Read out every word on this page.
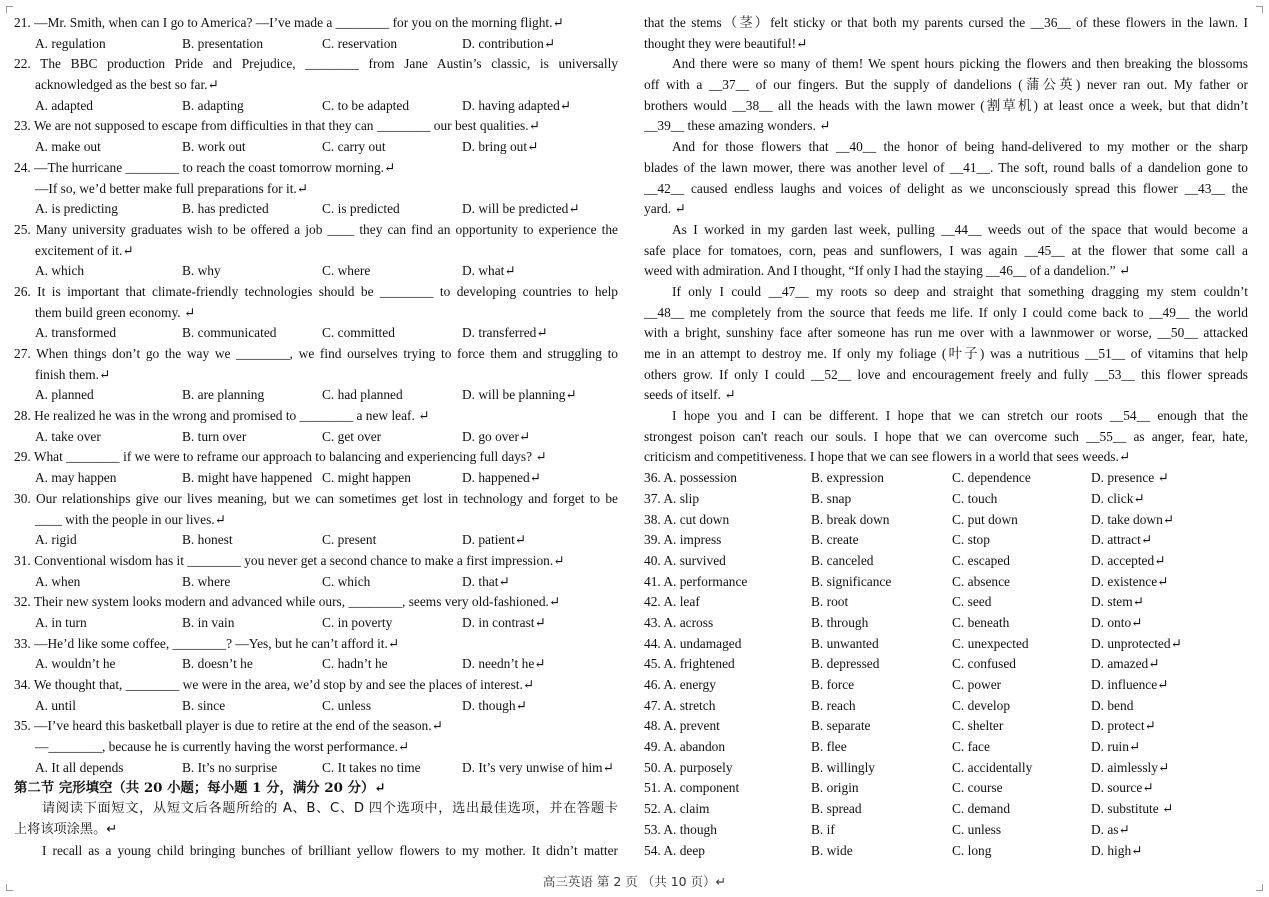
21. —Mr. Smith, when can I go to America? —I’ve made a ________ for you on the morning flight.↵
A. regulation	B. presentation	C. reservation	D. contribution↵
22. The BBC production Pride and Prejudice, ________ from Jane Austin’s classic, is universally
acknowledged as the best so far.↵
A. adapted	B. adapting	C. to be adapted	D. having adapted↵
23. We are not supposed to escape from difficulties in that they can ________ our best qualities.↵
A. make out	B. work out	C. carry out	D. bring out↵
24. —The hurricane ________ to reach the coast tomorrow morning.↵
—If so, we’d better make full preparations for it.↵
A. is predicting	B. has predicted	C. is predicted	D. will be predicted↵
25. Many university graduates wish to be offered a job ____ they can find an opportunity to experience the
excitement of it.↵
A. which	B. why	C. where	D. what↵
26. It is important that climate-friendly technologies should be ________ to developing countries to help
them build green economy. ↵
A. transformed	B. communicated	C. committed	D. transferred↵
27. When things don’t go the way we ________, we find ourselves trying to force them and struggling to
finish them.↵
A. planned	B. are planning	C. had planned	D. will be planning↵
28. He realized he was in the wrong and promised to ________ a new leaf. ↵
A. take over	B. turn over	C. get over	D. go over↵
29. What ________ if we were to reframe our approach to balancing and experiencing full days? ↵
A. may happen	B. might have happened C. might happen	D. happened↵
30. Our relationships give our lives meaning, but we can sometimes get lost in technology and forget to be
____ with the people in our lives.↵
A. rigid	B. honest	C. present	D. patient↵
31. Conventional wisdom has it ________ you never get a second chance to make a first impression.↵
A. when	B. where	C. which	D. that↵
32. Their new system looks modern and advanced while ours, ________, seems very old-fashioned.↵
A. in turn	B. in vain	C. in poverty	D. in contrast↵
33. —He’d like some coffee, ________? —Yes, but he can’t afford it.↵
A. wouldn’t he	B. doesn’t he	C. hadn’t he	D. needn’t he↵
34. We thought that, ________ we were in the area, we’d stop by and see the places of interest.↵
A. until	B. since	C. unless	D. though↵
35. —I’ve heard this basketball player is due to retire at the end of the season.↵
—________, because he is currently having the worst performance.↵
A. It all depends	B. It’s no surprise	C. It takes no time	D. It’s very unwise of him↵
第二节 完形填空（共 20 小题；每小题 1 分，满分 20 分）↵
请阅读下面短文，从短文后各题所给的 A、B、C、D 四个选项中，选出最佳选项，并在答题卡
上将该项涂黑。↵
I recall as a young child bringing bunches of brilliant yellow flowers to my mother. It didn’t matter
that the stems（茎）felt sticky or that both my parents cursed the __36__ of these flowers in the lawn. I
thought they were beautiful!↵
And there were so many of them! We spent hours picking the flowers and then breaking the blossoms
off with a __37__ of our fingers. But the supply of dandelions (蒲公英) never ran out. My father or
brothers would __38__ all the heads with the lawn mower (割草机) at least once a week, but that didn’t
__39__ these amazing wonders. ↵
And for those flowers that __40__ the honor of being hand-delivered to my mother or the sharp
blades of the lawn mower, there was another level of __41__. The soft, round balls of a dandelion gone to
__42__ caused endless laughs and voices of delight as we unconsciously spread this flower __43__ the
yard. ↵
As I worked in my garden last week, pulling __44__ weeds out of the space that would become a
safe place for tomatoes, corn, peas and sunflowers, I was again __45__ at the flower that some call a
weed with admiration. And I thought, “If only I had the staying __46__ of a dandelion.” ↵
If only I could __47__ my roots so deep and straight that something dragging my stem couldn’t
__48__ me completely from the source that feeds me life. If only I could come back to __49__ the world
with a bright, sunshiny face after someone has run me over with a lawnmower or worse, __50__ attacked
me in an attempt to destroy me. If only my foliage (叶子) was a nutritious __51__ of vitamins that help
others grow. If only I could __52__ love and encouragement freely and fully __53__ this flower spreads
seeds of itself. ↵
I hope you and I can be different. I hope that we can stretch our roots __54__ enough that the
strongest poison can't reach our souls. I hope that we can overcome such __55__ as anger, fear, hate,
criticism and competitiveness. I hope that we can see flowers in a world that sees weeds.↵
36. A. possession	B. expression	C. dependence	D. presence ↵
37. A. slip	B. snap	C. touch	D. click↵
38. A. cut down	B. break down	C. put down	D. take down↵
39. A. impress	B. create	C. stop	D. attract↵
40. A. survived	B. canceled	C. escaped	D. accepted↵
41. A. performance	B. significance	C. absence	D. existence↵
42. A. leaf	B. root	C. seed	D. stem↵
43. A. across	B. through	C. beneath	D. onto↵
44. A. undamaged	B. unwanted	C. unexpected	D. unprotected↵
45. A. frightened	B. depressed	C. confused	D. amazed↵
46. A. energy	B. force	C. power	D. influence↵
47. A. stretch	B. reach	C. develop	D. bend
48. A. prevent	B. separate	C. shelter	D. protect↵
49. A. abandon	B. flee	C. face	D. ruin↵
50. A. purposely	B. willingly	C. accidentally	D. aimlessly↵
51. A. component	B. origin	C. course	D. source↵
52. A. claim	B. spread	C. demand	D. substitute ↵
53. A. though	B. if	C. unless	D. as↵
54. A. deep	B. wide	C. long	D. high↵
高三英语 第 2 页 （共 10 页）↵
